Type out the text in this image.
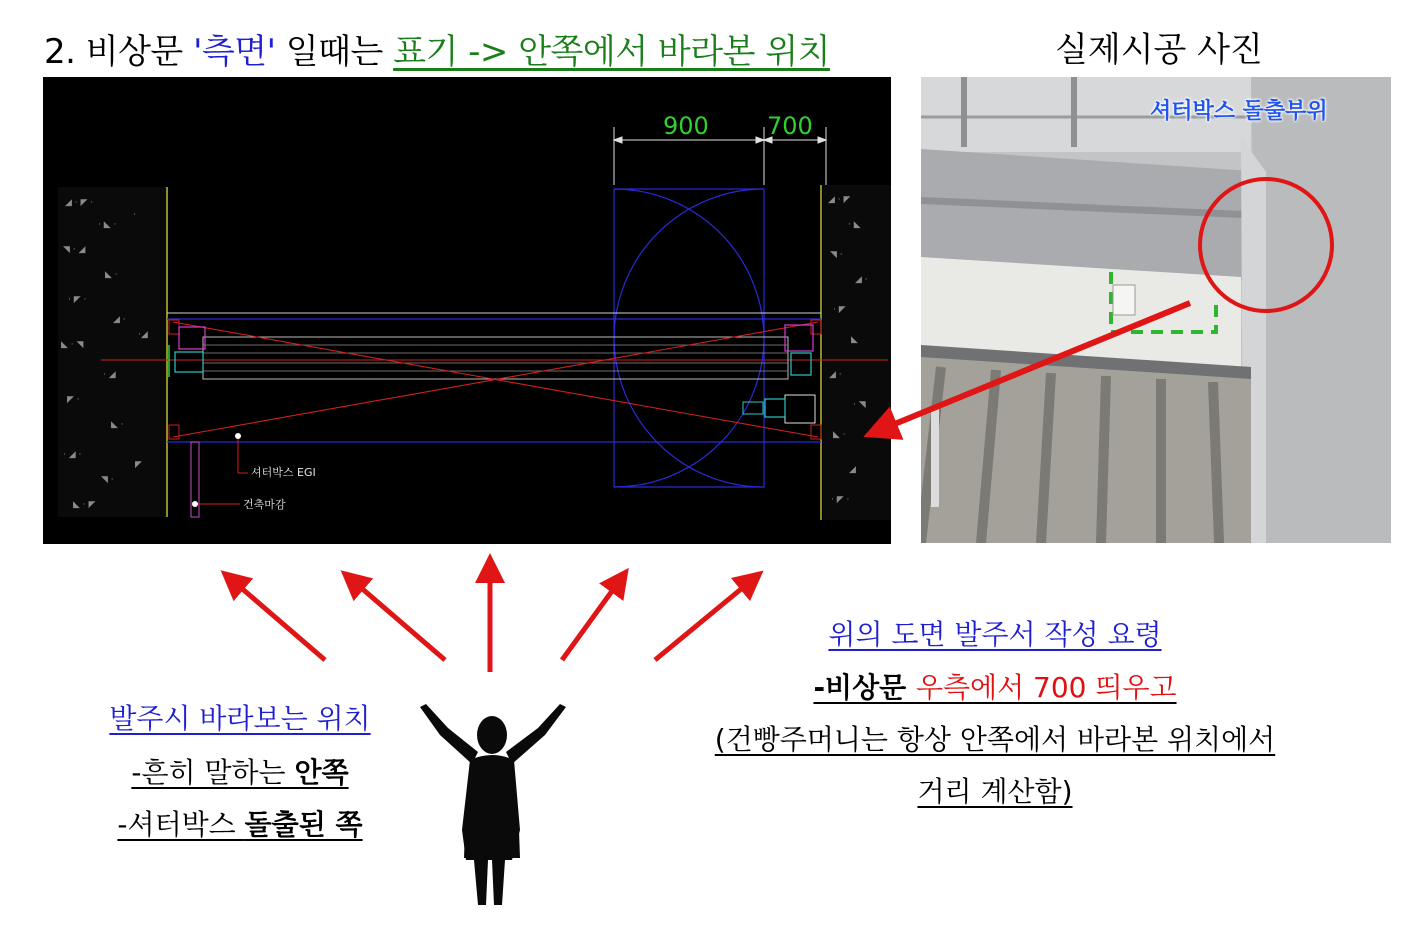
2. 비상문 '측면' 일때는 표기 -> 안쪽에서 바라본 위치	실제시공 사진
◢ · ◤ ·
· ◣ ·
◥ · ◢
◣ ·
· ◤ ·
◢ ·
◣ · ◥
· ◢
◤ ·
◣ ·
· ◢ ·
◥ ·
◣ · ◤
·
·◢
◤
◢ · ◤
· ◣
◥ ·
◢ ·
· ◤
◣
◢ ·
· ◥
◣ ·
◢
· ◤ ·
900 700
셔터박스 EGI
건축마감
셔터박스 돌출부위
발주시 바라보는 위치
-흔히 말하는 안쪽
-셔터박스 돌출된 쪽
위의 도면 발주서 작성 요령
-비상문 우측에서 700 띄우고
(건빵주머니는 항상 안쪽에서 바라본 위치에서
거리 계산함)
